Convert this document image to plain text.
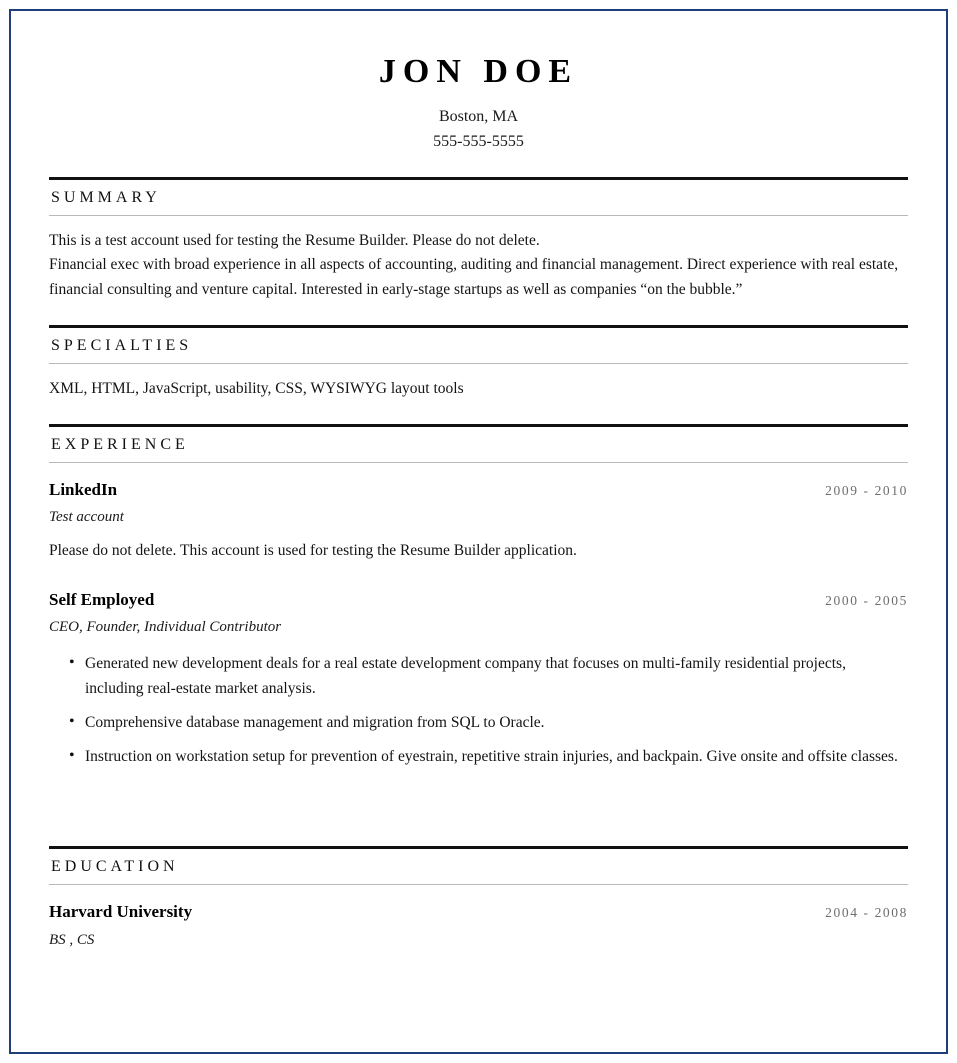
JON DOE
Boston, MA
555-555-5555
SUMMARY

This is a test account used for testing the Resume Builder. Please do not delete.

Financial exec with broad experience in all aspects of accounting, auditing and financial management. Direct experience with real estate, financial consulting and venture capital. Interested in early-stage startups as well as companies “on the bubble.”

SPECIALTIES

XML, HTML, JavaScript, usability, CSS, WYSIWYG layout tools

EXPERIENCE
LinkedIn	2009 - 2010
Test account
Please do not delete. This account is used for testing the Resume Builder application.
Self Employed	2000 - 2005
CEO, Founder, Individual Contributor
• Generated new development deals for a real estate development company that focuses on multi-family residential projects, including real-estate market analysis.
• Comprehensive database management and migration from SQL to Oracle.
• Instruction on workstation setup for prevention of eyestrain, repetitive strain injuries, and backpain. Give onsite and offsite classes.
EDUCATION
Harvard University	2004 - 2008
BS , CS
